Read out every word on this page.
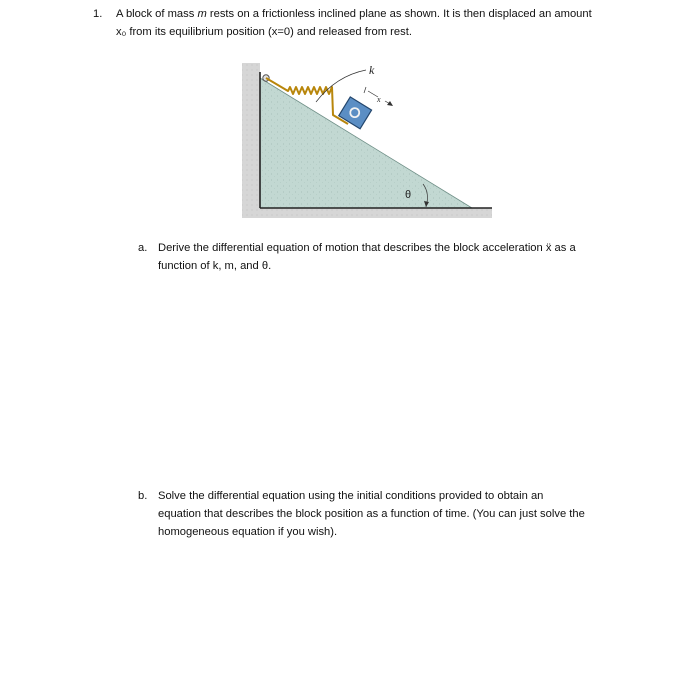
1. A block of mass m rests on a frictionless inclined plane as shown. It is then displaced an amount
x₀ from its equilibrium position (x=0) and released from rest.
k
x
θ
a. Derive the differential equation of motion that describes the block acceleration ẍ as a
function of k, m, and θ.
b. Solve the differential equation using the initial conditions provided to obtain an
equation that describes the block position as a function of time. (You can just solve the
homogeneous equation if you wish).
